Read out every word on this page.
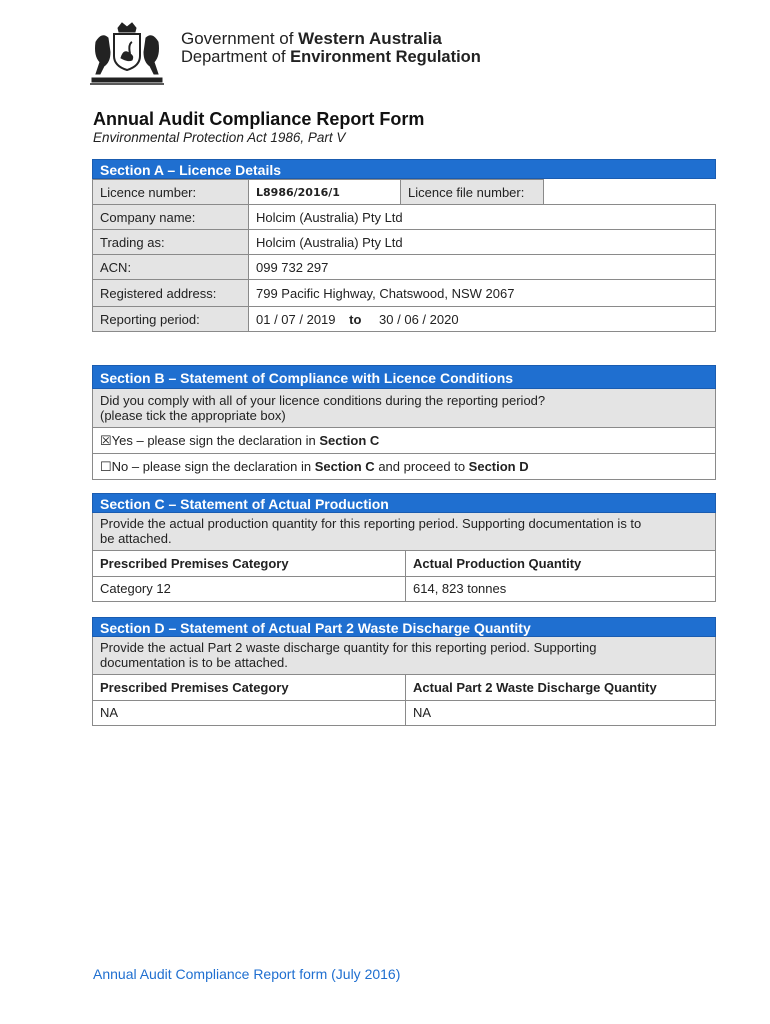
Government of Western Australia
Department of Environment Regulation
Annual Audit Compliance Report Form
Environmental Protection Act 1986, Part V
Section A – Licence Details
Licence number:	L8986/2016/1	Licence file number:	
Company name:	Holcim (Australia) Pty Ltd		
Trading as:	Holcim (Australia) Pty Ltd		
ACN:	099 732 297		
Registered address:	799 Pacific Highway, Chatswood, NSW 2067		
Reporting period:	01 / 07 / 2019 to 30 / 06 / 2020		
Section B – Statement of Compliance with Licence Conditions
Did you comply with all of your licence conditions during the reporting period?
(please tick the appropriate box)
☒Yes – please sign the declaration in Section C
☐No – please sign the declaration in Section C and proceed to Section D
Section C – Statement of Actual Production
Provide the actual production quantity for this reporting period. Supporting documentation is to
be attached.
Prescribed Premises Category	Actual Production Quantity
Category 12	614, 823 tonnes
Section D – Statement of Actual Part 2 Waste Discharge Quantity
Provide the actual Part 2 waste discharge quantity for this reporting period. Supporting
documentation is to be attached.
Prescribed Premises Category	Actual Part 2 Waste Discharge Quantity
NA	NA
Annual Audit Compliance Report form (July 2016)
